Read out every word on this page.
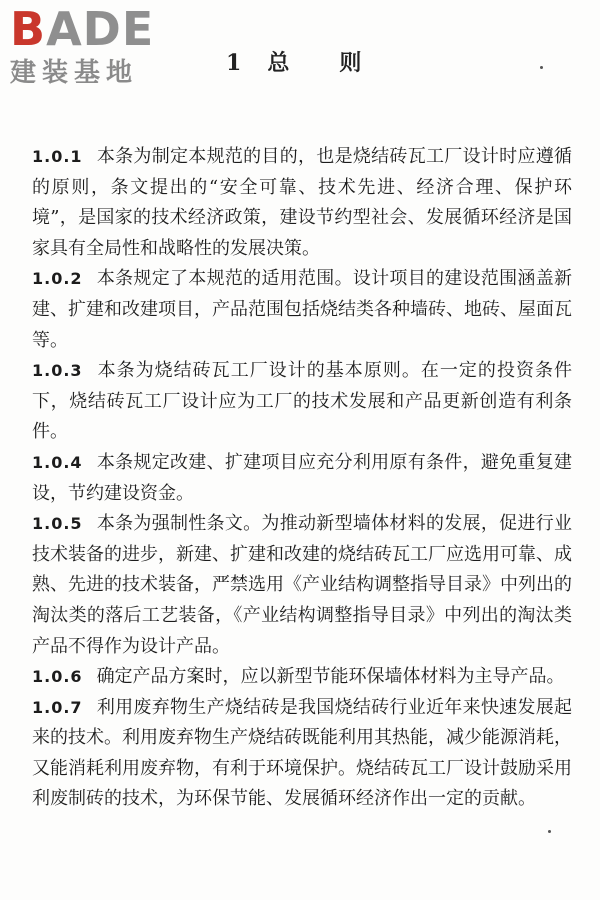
BADE
建装基地	1 总 则

1.0.1 本条为制定本规范的目的，也是烧结砖瓦工厂设计时应遵循的原则，条文提出的“安全可靠、技术先进、经济合理、保护环境”，是国家的技术经济政策，建设节约型社会、发展循环经济是国家具有全局性和战略性的发展决策。

1.0.2 本条规定了本规范的适用范围。设计项目的建设范围涵盖新建、扩建和改建项目，产品范围包括烧结类各种墙砖、地砖、屋面瓦等。

1.0.3 本条为烧结砖瓦工厂设计的基本原则。在一定的投资条件下，烧结砖瓦工厂设计应为工厂的技术发展和产品更新创造有利条件。

1.0.4 本条规定改建、扩建项目应充分利用原有条件，避免重复建设，节约建设资金。

1.0.5 本条为强制性条文。为推动新型墙体材料的发展，促进行业技术装备的进步，新建、扩建和改建的烧结砖瓦工厂应选用可靠、成熟、先进的技术装备，严禁选用《产业结构调整指导目录》中列出的淘汰类的落后工艺装备，《产业结构调整指导目录》中列出的淘汰类产品不得作为设计产品。

1.0.6 确定产品方案时，应以新型节能环保墙体材料为主导产品。

1.0.7 利用废弃物生产烧结砖是我国烧结砖行业近年来快速发展起来的技术。利用废弃物生产烧结砖既能利用其热能，减少能源消耗，又能消耗利用废弃物，有利于环境保护。烧结砖瓦工厂设计鼓励采用利废制砖的技术，为环保节能、发展循环经济作出一定的贡献。
